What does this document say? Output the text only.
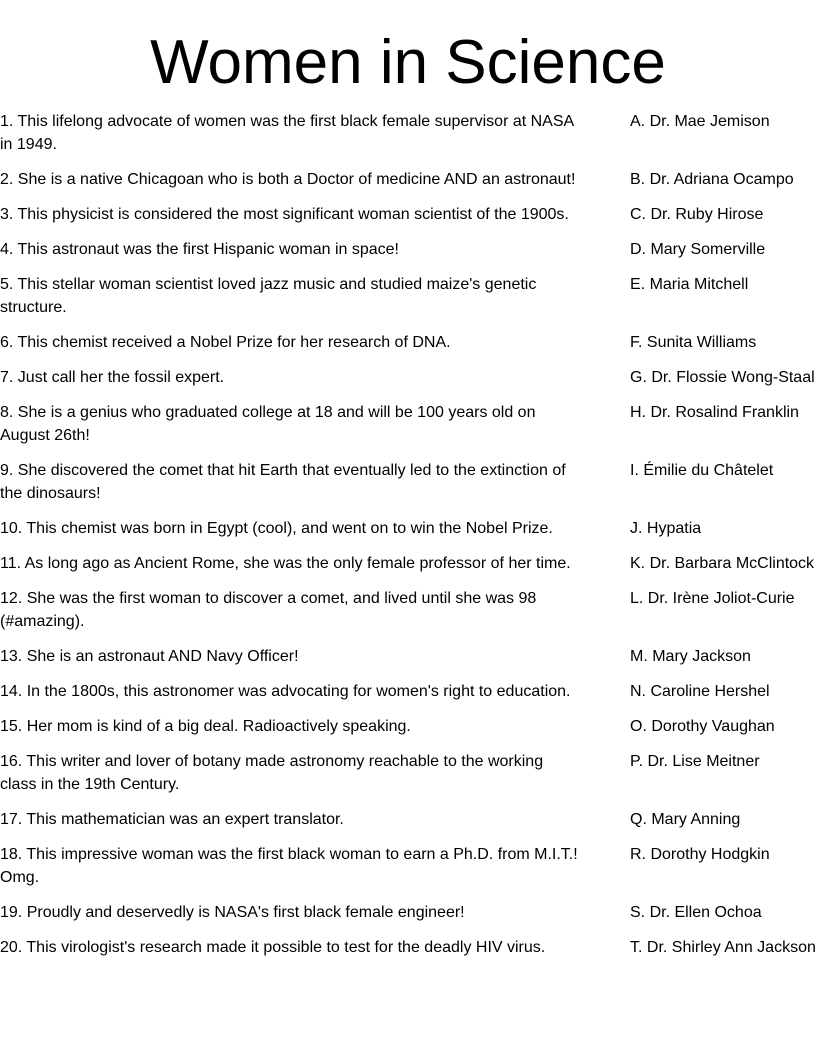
Women in Science
1. This lifelong advocate of women was the first black female supervisor at NASA in 1949.
A. Dr. Mae Jemison
2. She is a native Chicagoan who is both a Doctor of medicine AND an astronaut!	B. Dr. Adriana Ocampo
3. This physicist is considered the most significant woman scientist of the 1900s.	C. Dr. Ruby Hirose
4. This astronaut was the first Hispanic woman in space!	D. Mary Somerville
5. This stellar woman scientist loved jazz music and studied maize's genetic structure.
E. Maria Mitchell
6. This chemist received a Nobel Prize for her research of DNA.	F. Sunita Williams
7. Just call her the fossil expert.	G. Dr. Flossie Wong-Staal
8. She is a genius who graduated college at 18 and will be 100 years old on August 26th!
H. Dr. Rosalind Franklin
9. She discovered the comet that hit Earth that eventually led to the extinction of the dinosaurs!
I. Émilie du Châtelet
10. This chemist was born in Egypt (cool), and went on to win the Nobel Prize.	J. Hypatia
11. As long ago as Ancient Rome, she was the only female professor of her time.	K. Dr. Barbara McClintock
12. She was the first woman to discover a comet, and lived until she was 98 (#amazing).
L. Dr. Irène Joliot-Curie
13. She is an astronaut AND Navy Officer!	M. Mary Jackson
14. In the 1800s, this astronomer was advocating for women's right to education.	N. Caroline Hershel
15. Her mom is kind of a big deal. Radioactively speaking.	O. Dorothy Vaughan
16. This writer and lover of botany made astronomy reachable to the working class in the 19th Century.
P. Dr. Lise Meitner
17. This mathematician was an expert translator.	Q. Mary Anning
18. This impressive woman was the first black woman to earn a Ph.D. from M.I.T.! Omg.
R. Dorothy Hodgkin
19. Proudly and deservedly is NASA's first black female engineer!	S. Dr. Ellen Ochoa
20. This virologist's research made it possible to test for the deadly HIV virus.	T. Dr. Shirley Ann Jackson
